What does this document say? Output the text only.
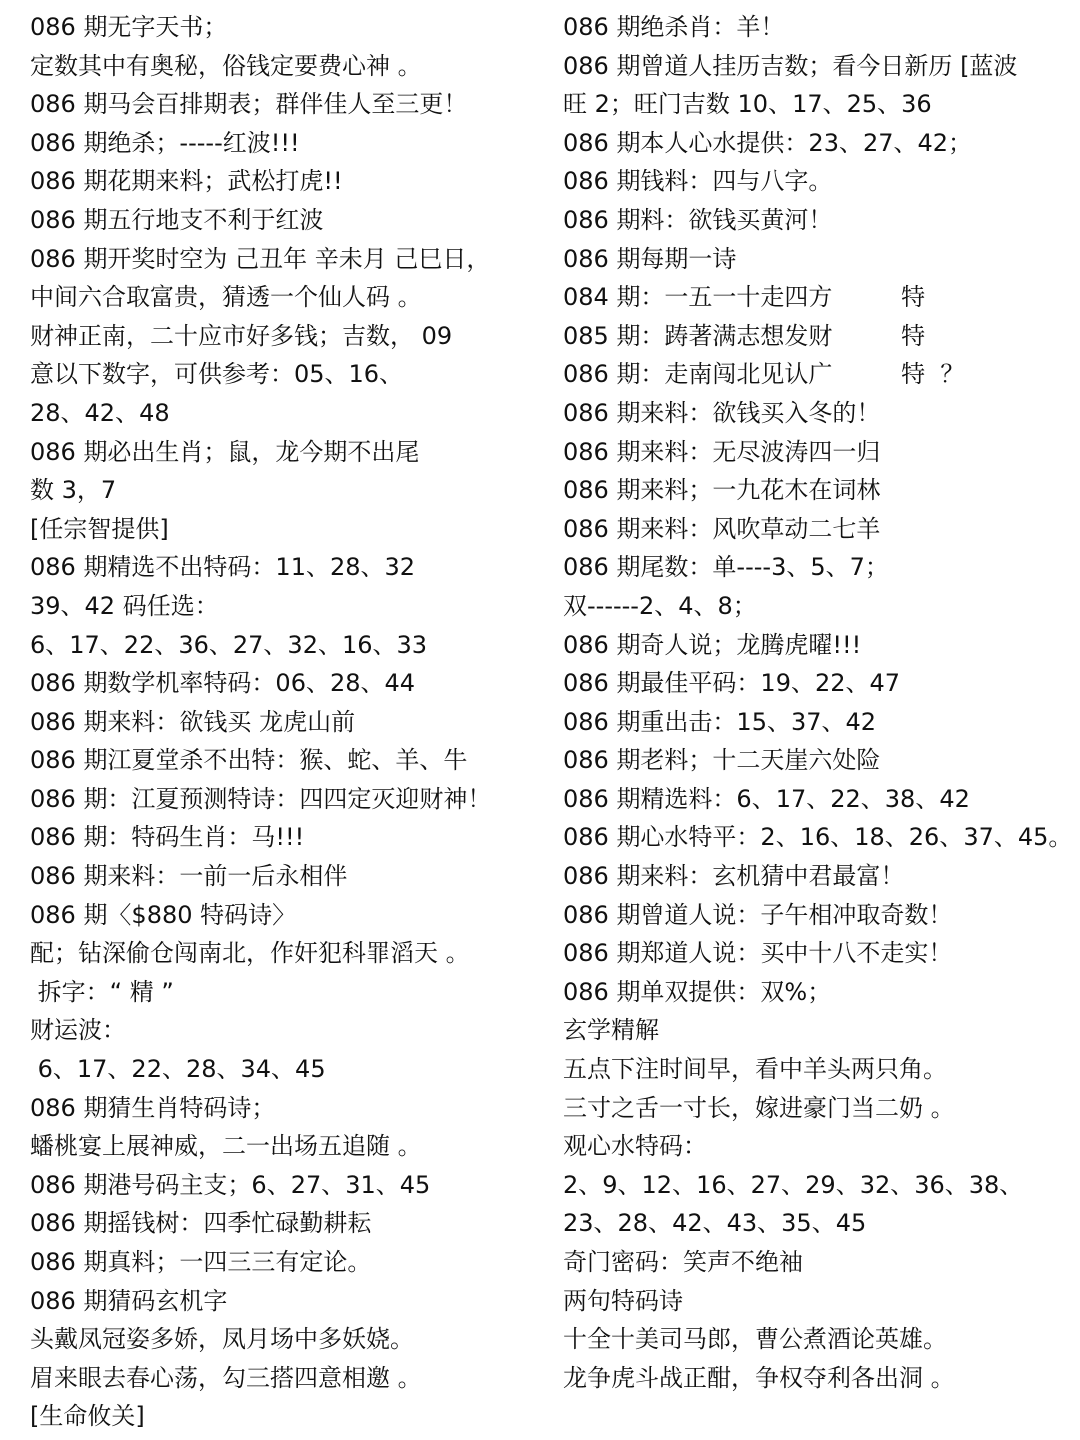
086 期无字天书；
定数其中有奥秘，俗钱定要费心神 。
086 期马会百排期表；群伴佳人至三更！
086 期绝杀；-----红波!!!
086 期花期来料；武松打虎!!
086 期五行地支不利于红波
086 期开奖时空为 己丑年 辛未月 己巳日，
中间六合取富贵，猜透一个仙人码 。
财神正南，二十应市好多钱；吉数， 09
意以下数字，可供参考：05、16、
28、42、48
086 期必出生肖；鼠，龙今期不出尾
数 3，7
[任宗智提供]
086 期精选不出特码：11、28、32
39、42 码任选：
6、17、22、36、27、32、16、33
086 期数学机率特码：06、28、44
086 期来料：欲钱买 龙虎山前
086 期江夏堂杀不出特：猴、蛇、羊、牛
086 期：江夏预测特诗：四四定灭迎财神！
086 期：特码生肖：马!!!
086 期来料：一前一后永相伴
086 期〈$880 特码诗〉
配；钻深偷仓闯南北，作奸犯科罪滔天 。
拆字：“ 精 ”
财运波：
6、17、22、28、34、45
086 期猜生肖特码诗；
蟠桃宴上展神威，二一出场五追随 。
086 期港号码主支；6、27、31、45
086 期摇钱树：四季忙碌勤耕耘
086 期真料；一四三三有定论。
086 期猜码玄机字
头戴凤冠姿多娇，凤月场中多妖娆。
眉来眼去春心荡，勾三搭四意相邀 。
[生命攸关]
086 期绝杀肖：羊！
086 期曾道人挂历吉数；看今日新历 [蓝波
旺 2；旺门吉数 10、17、25、36
086 期本人心水提供：23、27、42；
086 期钱料：四与八字。
086 期料：欲钱买黄河！
086 期每期一诗
084 期：一五一十走四方         特
085 期：踌著满志想发财         特
086 期：走南闯北见认广         特  ？
086 期来料：欲钱买入冬的！
086 期来料：无尽波涛四一归
086 期来料；一九花木在词林
086 期来料：风吹草动二七羊
086 期尾数：单----3、5、7；
双------2、4、8；
086 期奇人说；龙腾虎曜!!!
086 期最佳平码：19、22、47
086 期重出击：15、37、42
086 期老料；十二天崖六处险
086 期精选料：6、17、22、38、42
086 期心水特平：2、16、18、26、37、45。
086 期来料：玄机猜中君最富！
086 期曾道人说：子午相冲取奇数！
086 期郑道人说：买中十八不走实！
086 期单双提供：双%；
玄学精解
五点下注时间早，看中羊头两只角。
三寸之舌一寸长，嫁进豪门当二奶 。
观心水特码：
2、9、12、16、27、29、32、36、38、
23、28、42、43、35、45
奇门密码：笑声不绝袖
两句特码诗
十全十美司马郎，曹公煮酒论英雄。
龙争虎斗战正酣，争权夺利各出洞 。
